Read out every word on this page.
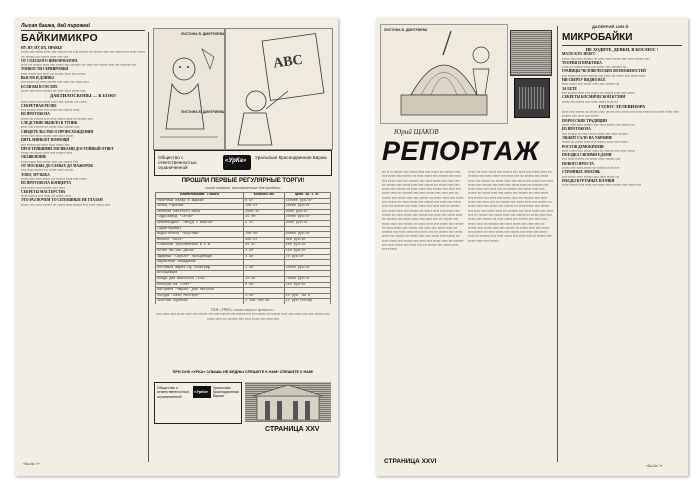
Лысая башка, дай пирожка!
БАЙКИМИКРО
НУ, НУ, НУ, ИХ, НРАВЫ!
▪▪▪▪▪▪ ▪▪▪▪ ▪▪▪▪▪▪ ▪▪▪▪▪ ▪▪▪▪ ▪▪▪▪▪▪▪ ▪▪▪▪ ▪▪▪▪ ▪▪▪▪▪▪▪ ▪▪▪ ▪▪▪▪▪▪▪ ▪▪▪▪ ▪▪▪▪ ▪▪▪▪▪▪ ▪▪▪▪ ▪▪▪▪▪ ▪▪▪▪▪▪ ▪▪▪ ▪▪▪▪▪▪▪ ▪▪▪▪ ▪▪▪▪▪▪ ▪▪▪▪▪ ▪▪▪▪ ▪▪▪▪
ОТ СОБСКОГО ИНФОРМАТОРА
▪▪▪▪▪ ▪▪▪ ▪▪▪▪▪▪▪ ▪▪▪▪▪ ▪▪▪▪ ▪▪▪▪▪▪ ▪▪▪▪ ▪▪▪▪▪▪▪▪ ▪▪▪ ▪▪▪▪▪ ▪▪▪▪ ▪▪▪▪▪▪ ▪▪▪▪▪ ▪▪▪ ▪▪▪▪▪▪▪▪ ▪▪▪▪
ТОНКОСТИ СЕРВИРОВКИ
▪▪▪▪▪ ▪▪▪▪▪▪ ▪▪▪▪ ▪▪▪▪▪ ▪▪▪ ▪▪▪▪▪▪▪ ▪▪▪▪▪ ▪▪▪▪ ▪▪▪▪▪▪
ВЫСОК И ДЛИНЫ
▪▪▪▪ ▪▪▪▪▪▪ ▪▪▪ ▪▪▪▪▪ ▪▪▪▪▪▪▪ ▪▪▪▪ ▪▪▪▪▪ ▪▪▪ ▪▪▪▪▪▪ ▪▪▪▪
ЕСЛИ ВЫ В ГОСТЯХ
▪▪▪▪▪▪ ▪▪▪▪ ▪▪▪▪▪ ▪▪▪▪▪▪▪ ▪▪▪ ▪▪▪▪▪ ▪▪▪▪▪ ▪▪▪▪▪▪ ▪▪▪▪
ДАКТИЛОСКОПЫ — К БОЮ!
▪▪▪▪▪ ▪▪▪▪▪▪ ▪▪▪▪ ▪▪▪▪▪▪ ▪▪▪▪▪ ▪▪▪▪ ▪▪▪▪▪▪▪ ▪▪▪ ▪▪▪▪▪▪
СЕКРЕТНАЯ РЕЛИЗ
▪▪▪▪ ▪▪▪▪▪▪▪ ▪▪▪▪▪ ▪▪▪▪ ▪▪▪▪▪▪ ▪▪▪ ▪▪▪▪▪▪▪ ▪▪▪▪▪
ИЗ ПРОТОКОЛА
▪▪▪▪▪▪ ▪▪▪ ▪▪▪▪▪▪▪ ▪▪▪▪ ▪▪▪▪▪ ▪▪▪▪▪▪ ▪▪▪▪▪ ▪▪▪ ▪▪▪▪▪▪▪ ▪▪▪▪
СЛЕДСТВИЕ ВЫШЛО В ТУПИК
▪▪▪▪▪ ▪▪▪▪ ▪▪▪▪▪▪▪ ▪▪▪ ▪▪▪▪▪▪ ▪▪▪▪▪ ▪▪▪▪▪▪▪ ▪▪▪▪
СВИДЕТЕЛЬСТВО О ПРОИСХОЖДЕНИИ
▪▪▪▪▪▪ ▪▪▪▪ ▪▪▪▪▪ ▪▪▪▪▪▪▪ ▪▪▪▪ ▪▪▪▪▪ ▪▪▪▪▪▪
ПЯТЬ МИНЬЮТ ПОМОЩИ
▪▪▪▪ ▪▪▪▪▪▪▪ ▪▪▪ ▪▪▪▪▪ ▪▪▪▪▪ ▪▪▪▪▪▪ ▪▪▪▪
ПРОСТЕЙШИМИ ЛОГИКАМИ ДОСТОЙНЫЙ ОТВЕТ
▪▪▪▪▪▪ ▪▪▪ ▪▪▪▪▪▪ ▪▪▪▪▪ ▪▪▪▪ ▪▪▪▪▪▪▪ ▪▪▪▪▪
ОБЪЯВЛЕНИЕ
▪▪▪▪▪ ▪▪▪▪▪▪ ▪▪▪▪ ▪▪▪▪▪▪ ▪▪▪▪▪ ▪▪▪ ▪▪▪▪▪▪▪ ▪▪▪▪
ОТ МОСКВЫ ДО САМЫХ ДО МАЖОРОВ
▪▪▪▪ ▪▪▪▪▪ ▪▪▪▪▪▪▪ ▪▪▪ ▪▪▪▪▪▪ ▪▪▪▪▪ ▪▪▪▪▪▪▪
ТОВО, МУЗЫКА
▪▪▪▪▪▪ ▪▪▪▪ ▪▪▪▪▪ ▪▪▪▪▪▪ ▪▪▪ ▪▪▪▪▪▪▪ ▪▪▪▪▪ ▪▪▪▪ ▪▪▪▪▪▪
ИЗ ПРОТОКОЛА КОНЦЕРТА
▪▪▪▪ ▪▪▪▪▪▪ ▪▪▪▪▪ ▪▪▪▪▪▪▪ ▪▪▪▪ ▪▪▪▪▪
СЕКРЕТЫ МАСТЕРСТВА
▪▪▪▪▪ ▪▪▪▪▪▪▪ ▪▪▪▪ ▪▪▪▪▪ ▪▪▪ ▪▪▪▪▪▪ ▪▪▪▪▪
ЭТО РАЗ ПОЧЕМ ТО СПЛОШНЫЕ НЕ ГЛАЗАМ
▪▪▪▪▪▪ ▪▪▪▪ ▪▪▪▪▪ ▪▪▪▪▪▪▪ ▪▪▪ ▪▪▪▪▪▪ ▪▪▪▪▪ ▪▪▪▪▪▪▪ ▪▪▪▪ ▪▪▪▪▪ ▪▪▪▪▪▪ ▪▪▪▪
ЛИСТИНА В. ДМИТРИЕВА
ABC
ЛИСТИНА В. ДМИТРИЕВА
Общество с ответственностью ограниченной
«УрКа»
Уральская Краснодвинная Биржа
ПРОШЛИ ПЕРВЫЕ РЕГУЛЯРНЫЕ ТОРГИ!
сизые главное, выставленные для продажи:
НАИМЕНОВАНИЕ ТОВАРА	КОЛИЧЕСТВО	ЦЕНА ЗА 1 КГ
Ракетный сахар в ящиках	8 кг	150000 руб/кг
Зельц горелый	100 кг	18500 руб/кг
Зелёная светлого мяса	1000 кг	3000 руб/кг
Гидрозавод "Сегом"	15 пн	10000 руб/кг
Пейпельфикс "Лесуд с анатой"	2 кг	3000 руб/кг
(адаптерами)		
Водосточное "Кругляш"	100 пп	50000 руб/кг
Молоко "ОБУХ"	400 кг	300 руб/кг
Стальные трёхлапники в 5 м	50 кг	100 руб/кг
Котёл МЮ ЗАО ДХОЗЫ	2 шт	150 руб/кг
Эфирный "Скролл" пальцевидн	3 шт	70 руб/кг
Карнизные лошадиные		
Поставка Шарик-Оф Полиграф	1 шт	15000 руб/кг
Ассоциаций		
Бонды для вычиткой ТЕЧЕТ	10 шт	76000 руб/кг
Консулы КЖ "Снег"	5 шт	150 руб/кг
Кастрюля "Мария" для пигулки		
Посуда "Пазл Монтеро"	1 шт	10 руб. 86 к
Золотые курения	1 200 000 шт	14 руб/гектар

СКЖ «УРКА» слышь вопросы промысла...
▪▪▪▪ ▪▪▪▪▪▪ ▪▪▪▪ ▪▪▪▪▪▪ ▪▪▪▪▪ ▪▪▪▪ ▪▪▪▪▪▪▪ ▪▪▪▪ ▪▪▪▪▪ ▪▪▪▪▪▪ ▪▪▪▪ ▪▪▪▪▪▪▪ ▪▪▪▪ ▪▪▪▪ ▪▪▪▪▪▪ ▪▪▪ ▪▪▪▪▪▪▪ ▪▪▪▪▪ ▪▪▪▪ ▪▪▪▪▪▪ ▪▪▪▪ ▪▪▪▪ ▪▪▪▪▪▪▪ ▪▪▪▪ ▪▪▪▪▪▪ ▪▪▪▪▪ ▪▪▪ ▪▪▪▪▪▪▪▪ ▪▪▪▪ ▪▪▪▪▪ ▪▪▪▪▪▪ ▪▪▪▪ ▪▪▪▪▪ ▪▪▪▪
ПРИ СКЖ «УРКА» СЛЫШЬ НЕ БЕДНЫ СПЕШИТЕ К НАМ! СПЕШИТЕ К НАМ!
Общество с ответственностью ограниченной
«УрКа»
Уральская Краснодвинная Биржа
СТРАНИЦА XXV
«Ба-ба ?»
ЛИСТИНА В. ДМИТРИЕВА
Юрий ЩАКОВ
РЕПОРТАЖ
▪▪▪ ▪▪ ▪▪ ▪▪▪▪▪▪▪ ▪▪▪▪ ▪▪▪▪▪▪ ▪▪▪▪▪ ▪▪▪▪ ▪▪▪▪▪▪ ▪▪▪ ▪▪▪▪▪▪▪ ▪▪▪▪▪ ▪▪▪▪ ▪▪▪▪▪▪ ▪▪▪▪ ▪▪▪▪▪▪▪ ▪▪▪ ▪▪▪▪▪ ▪▪▪▪▪▪ ▪▪▪▪ ▪▪▪▪▪▪▪ ▪▪▪▪ ▪▪▪▪▪ ▪▪▪▪ ▪▪▪▪▪▪ ▪▪▪▪▪ ▪▪▪ ▪▪▪▪▪▪▪▪ ▪▪▪▪ ▪▪▪▪▪ ▪▪▪▪▪▪ ▪▪▪▪ ▪▪▪▪▪ ▪▪▪▪ ▪▪▪ ▪▪▪▪▪▪▪ ▪▪▪▪ ▪▪▪▪▪▪ ▪▪▪▪▪ ▪▪▪▪ ▪▪▪▪▪▪▪ ▪▪▪ ▪▪▪▪▪▪ ▪▪▪▪▪ ▪▪▪▪ ▪▪▪▪▪▪ ▪▪▪▪ ▪▪▪▪▪▪▪ ▪▪▪ ▪▪▪▪▪ ▪▪▪▪▪▪ ▪▪▪▪ ▪▪▪▪▪▪▪ ▪▪▪▪ ▪▪▪▪▪ ▪▪▪▪ ▪▪▪▪▪▪ ▪▪▪▪▪ ▪▪▪ ▪▪▪▪▪▪▪▪ ▪▪▪▪ ▪▪▪▪▪ ▪▪▪▪▪▪ ▪▪▪▪ ▪▪▪▪▪ ▪▪▪▪ ▪▪▪ ▪▪▪▪▪▪▪ ▪▪▪▪ ▪▪▪▪▪▪ ▪▪▪▪▪ ▪▪▪▪ ▪▪▪▪▪▪▪ ▪▪▪ ▪▪▪▪▪▪ ▪▪▪▪▪ ▪▪▪▪ ▪▪▪▪▪▪ ▪▪▪▪ ▪▪▪▪▪▪▪ ▪▪▪ ▪▪▪▪▪ ▪▪▪▪▪▪ ▪▪▪▪ ▪▪▪▪▪▪▪ ▪▪▪▪ ▪▪▪▪▪ ▪▪▪▪ ▪▪▪▪▪▪ ▪▪▪▪▪ ▪▪▪ ▪▪▪▪▪▪▪▪ ▪▪▪▪ ▪▪▪▪▪ ▪▪▪▪▪▪ ▪▪▪▪ ▪▪▪▪▪ ▪▪▪▪ ▪▪▪ ▪▪▪▪▪▪▪ ▪▪▪▪ ▪▪▪▪▪▪ ▪▪▪▪▪ ▪▪▪▪ ▪▪▪▪▪▪▪ ▪▪▪ ▪▪▪▪▪▪ ▪▪▪▪▪ ▪▪▪▪ ▪▪▪▪▪▪ ▪▪▪▪ ▪▪▪▪▪▪▪ ▪▪▪ ▪▪▪▪▪ ▪▪▪▪▪▪ ▪▪▪▪ ▪▪▪▪▪▪▪ ▪▪▪▪ ▪▪▪▪▪ ▪▪▪▪ ▪▪▪▪▪▪ ▪▪▪▪▪ ▪▪▪ ▪▪▪▪▪▪▪▪ ▪▪▪▪ ▪▪▪▪▪ ▪▪▪▪▪▪ ▪▪▪▪ ▪▪▪▪▪ ▪▪▪▪ ▪▪▪ ▪▪▪▪▪▪▪ ▪▪▪▪ ▪▪▪▪▪▪ ▪▪▪▪▪ ▪▪▪▪ ▪▪▪▪▪▪▪ ▪▪▪ ▪▪▪▪▪▪ ▪▪▪▪▪ ▪▪▪▪ ▪▪▪▪▪▪ ▪▪▪▪ ▪▪▪▪▪▪▪ ▪▪▪ ▪▪▪▪▪ ▪▪▪▪▪▪ ▪▪▪▪ ▪▪▪▪▪▪▪ ▪▪▪▪ ▪▪▪▪▪ ▪▪▪▪ ▪▪▪▪▪▪ ▪▪▪▪▪ ▪▪▪ ▪▪▪▪▪▪▪▪ ▪▪▪▪ ▪▪▪▪▪ ▪▪▪▪▪▪ ▪▪▪▪ ▪▪▪▪▪ ▪▪▪▪ ▪▪▪ ▪▪▪▪▪▪▪ ▪▪▪▪ ▪▪▪▪▪▪ ▪▪▪▪▪ ▪▪▪▪ ▪▪▪▪▪▪▪ ▪▪▪ ▪▪▪▪▪▪ ▪▪▪▪▪ ▪▪▪▪ ▪▪▪▪▪▪ ▪▪▪▪ ▪▪▪▪▪▪▪ ▪▪▪ ▪▪▪▪▪ ▪▪▪▪▪▪ ▪▪▪▪ ▪▪▪▪▪▪▪ ▪▪▪▪ ▪▪▪▪▪ ▪▪▪▪ ▪▪▪▪▪▪ ▪▪▪▪▪ ▪▪▪ ▪▪▪▪▪▪▪▪ ▪▪▪▪ ▪▪▪▪▪ ▪▪▪▪▪▪ ▪▪▪▪ ▪▪▪▪▪ ▪▪▪▪ ▪▪▪ ▪▪▪▪▪▪▪ ▪▪▪▪ ▪▪▪▪▪▪ ▪▪▪▪▪ ▪▪▪▪ ▪▪▪▪▪▪▪
▪▪▪▪▪▪ ▪▪▪ ▪▪▪▪▪ ▪▪▪▪▪▪ ▪▪▪▪ ▪▪▪▪▪▪▪ ▪▪▪▪ ▪▪▪▪▪ ▪▪▪▪ ▪▪▪▪▪▪ ▪▪▪▪▪ ▪▪▪ ▪▪▪▪▪▪▪▪ ▪▪▪▪ ▪▪▪▪▪ ▪▪▪▪▪▪ ▪▪▪▪ ▪▪▪▪▪ ▪▪▪▪ ▪▪▪ ▪▪▪▪▪▪▪ ▪▪▪▪ ▪▪▪▪▪▪ ▪▪▪▪▪ ▪▪▪▪ ▪▪▪▪▪▪▪ ▪▪▪ ▪▪▪▪▪▪ ▪▪▪▪▪ ▪▪▪▪ ▪▪▪▪▪▪ ▪▪▪▪ ▪▪▪▪▪▪▪ ▪▪▪ ▪▪▪▪▪ ▪▪▪▪▪▪ ▪▪▪▪ ▪▪▪▪▪▪▪ ▪▪▪▪ ▪▪▪▪▪ ▪▪▪▪ ▪▪▪▪▪▪ ▪▪▪▪▪ ▪▪▪ ▪▪▪▪▪▪▪▪ ▪▪▪▪ ▪▪▪▪▪ ▪▪▪▪▪▪ ▪▪▪▪ ▪▪▪▪▪ ▪▪▪▪ ▪▪▪ ▪▪▪▪▪▪▪ ▪▪▪▪ ▪▪▪▪▪▪ ▪▪▪▪▪ ▪▪▪▪ ▪▪▪▪▪▪▪ ▪▪▪ ▪▪▪▪▪▪ ▪▪▪▪▪ ▪▪▪▪ ▪▪▪▪▪▪ ▪▪▪▪ ▪▪▪▪▪▪▪ ▪▪▪ ▪▪▪▪▪ ▪▪▪▪▪▪ ▪▪▪▪ ▪▪▪▪▪▪▪ ▪▪▪▪ ▪▪▪▪▪ ▪▪▪▪ ▪▪▪▪▪▪ ▪▪▪▪▪ ▪▪▪ ▪▪▪▪▪▪▪▪ ▪▪▪▪ ▪▪▪▪▪ ▪▪▪▪▪▪ ▪▪▪▪ ▪▪▪▪▪ ▪▪▪▪ ▪▪▪ ▪▪▪▪▪▪▪ ▪▪▪▪ ▪▪▪▪▪▪ ▪▪▪▪▪ ▪▪▪▪ ▪▪▪▪▪▪▪ ▪▪▪ ▪▪▪▪▪▪ ▪▪▪▪▪ ▪▪▪▪ ▪▪▪▪▪▪ ▪▪▪▪ ▪▪▪▪▪▪▪ ▪▪▪ ▪▪▪▪▪ ▪▪▪▪▪▪ ▪▪▪▪ ▪▪▪▪▪▪▪ ▪▪▪▪ ▪▪▪▪▪ ▪▪▪▪ ▪▪▪▪▪▪ ▪▪▪▪▪ ▪▪▪ ▪▪▪▪▪▪▪▪ ▪▪▪▪ ▪▪▪▪▪ ▪▪▪▪▪▪ ▪▪▪▪ ▪▪▪▪▪ ▪▪▪▪ ▪▪▪ ▪▪▪▪▪▪▪ ▪▪▪▪ ▪▪▪▪▪▪ ▪▪▪▪▪ ▪▪▪▪ ▪▪▪▪▪▪▪ ▪▪▪ ▪▪▪▪▪▪ ▪▪▪▪▪ ▪▪▪▪ ▪▪▪▪▪▪ ▪▪▪▪ ▪▪▪▪▪▪▪ ▪▪▪ ▪▪▪▪▪ ▪▪▪▪▪▪ ▪▪▪▪ ▪▪▪▪▪▪▪ ▪▪▪▪ ▪▪▪▪▪ ▪▪▪▪ ▪▪▪▪▪▪ ▪▪▪▪▪ ▪▪▪ ▪▪▪▪▪▪▪▪ ▪▪▪▪ ▪▪▪▪▪ ▪▪▪▪▪▪ ▪▪▪▪ ▪▪▪▪▪ ▪▪▪▪ ▪▪▪ ▪▪▪▪▪▪▪ ▪▪▪▪ ▪▪▪▪▪▪ ▪▪▪▪▪ ▪▪▪▪ ▪▪▪▪▪▪▪ ▪▪▪ ▪▪▪▪▪▪ ▪▪▪▪▪ ▪▪▪▪ ▪▪▪▪▪▪ ▪▪▪▪ ▪▪▪▪▪▪▪ ▪▪▪ ▪▪▪▪▪ ▪▪▪▪▪▪ ▪▪▪▪ ▪▪▪▪▪▪▪ ▪▪▪▪ ▪▪▪▪▪ ▪▪▪▪ ▪▪▪▪▪▪ ▪▪▪▪▪ ▪▪▪ ▪▪▪▪▪▪▪▪ ▪▪▪▪ ▪▪▪▪▪ ▪▪▪▪▪▪ ▪▪▪▪ ▪▪▪▪▪ ▪▪▪▪ ▪▪▪ ▪▪▪▪▪▪▪ ▪▪▪▪ ▪▪▪▪▪▪ ▪▪▪▪▪ ▪▪▪▪ ▪▪▪▪▪▪▪
ДАЛЕЕРИЙ 1999 Й
МИКРОБАЙКИ
НЕ ХОДИТЕ, ДЕВКИ, В КОСМОС !
МАЛО КТО ЗНАЕТ
▪▪▪▪▪▪ ▪▪▪▪ ▪▪▪▪▪ ▪▪▪▪▪▪▪ ▪▪▪ ▪▪▪▪▪ ▪▪▪▪▪ ▪▪▪▪▪▪ ▪▪▪▪ ▪▪▪▪▪ ▪▪▪▪▪▪▪ ▪▪▪▪
ТЕОРИЯ И ПРАКТИКА
▪▪▪▪▪ ▪▪▪ ▪▪▪▪▪▪▪ ▪▪▪▪▪ ▪▪▪▪ ▪▪▪▪▪▪ ▪▪▪▪ ▪▪▪▪▪▪▪▪ ▪▪▪
ГРАНИЦЫ ЧЕЛОВЕЧЕСКИХ ВОЗМОЖНОСТЕЙ
▪▪▪▪ ▪▪▪▪▪▪ ▪▪▪ ▪▪▪▪▪ ▪▪▪▪▪▪▪ ▪▪▪▪ ▪▪▪▪▪ ▪▪▪ ▪▪▪▪▪▪ ▪▪▪▪ ▪▪▪▪▪ ▪▪▪▪▪▪
НИ СВЕРХУ ВИДНО ВСЁ
▪▪▪▪▪ ▪▪▪▪▪▪ ▪▪▪▪ ▪▪▪▪▪▪ ▪▪▪▪▪ ▪▪▪▪ ▪▪▪▪▪▪▪ ▪▪▪
ЗА БЕТЕ
▪▪▪▪ ▪▪▪▪▪▪▪ ▪▪▪▪▪ ▪▪▪▪ ▪▪▪▪▪▪ ▪▪▪ ▪▪▪▪▪▪▪ ▪▪▪▪▪ ▪▪▪▪ ▪▪▪▪▪▪
СЕКРЕТЫ КОСМИЧЕСКОЙ КУХНИ
▪▪▪▪▪▪ ▪▪▪ ▪▪▪▪▪▪▪ ▪▪▪▪ ▪▪▪▪▪ ▪▪▪▪▪▪ ▪▪▪▪▪ ▪▪▪
ГОЛОС ТЕЛЕВИЗОРА
▪▪▪▪▪ ▪▪▪▪ ▪▪▪▪▪▪▪ ▪▪▪ ▪▪▪▪▪▪ ▪▪▪▪▪ ▪▪▪▪▪▪▪ ▪▪▪▪ ▪▪▪▪▪▪ ▪▪▪▪ ▪▪▪▪▪ ▪▪▪▪▪▪▪ ▪▪▪ ▪▪▪▪▪ ▪▪▪▪▪▪ ▪▪▪▪ ▪▪▪▪▪▪▪ ▪▪▪▪ ▪▪▪▪▪ ▪▪▪▪ ▪▪▪▪▪▪
ПОРОССКИЕ ТРАДИЦИИ
▪▪▪▪▪▪ ▪▪▪▪ ▪▪▪▪▪ ▪▪▪▪▪▪▪ ▪▪▪▪ ▪▪▪▪▪ ▪▪▪▪▪▪ ▪▪▪▪ ▪▪▪▪▪▪▪ ▪▪▪
ИЗ ПРОТОКОЛА
▪▪▪▪ ▪▪▪▪▪▪▪ ▪▪▪ ▪▪▪▪▪ ▪▪▪▪▪ ▪▪▪▪▪▪ ▪▪▪▪ ▪▪▪▪▪ ▪▪▪▪▪▪▪
ЛЮБИТ САЛО НА УКРАИНЕ
▪▪▪▪▪▪ ▪▪▪ ▪▪▪▪▪▪ ▪▪▪▪▪ ▪▪▪▪ ▪▪▪▪▪▪▪ ▪▪▪▪▪ ▪▪▪▪ ▪▪▪▪▪▪
РОСТОВ ДЕМОКРАТИИ
▪▪▪▪▪ ▪▪▪▪▪▪ ▪▪▪▪ ▪▪▪▪▪▪ ▪▪▪▪▪ ▪▪▪ ▪▪▪▪▪▪▪ ▪▪▪▪ ▪▪▪▪▪ ▪▪▪▪▪▪
ПОЕЗДКА СВОИМИ ЕДАМИ
▪▪▪▪ ▪▪▪▪▪ ▪▪▪▪▪▪▪ ▪▪▪ ▪▪▪▪▪▪ ▪▪▪▪▪ ▪▪▪▪▪▪▪ ▪▪▪▪
НОВОГО ПРОСТА
▪▪▪▪▪▪ ▪▪▪▪ ▪▪▪▪▪ ▪▪▪▪▪▪ ▪▪▪ ▪▪▪▪▪▪▪ ▪▪▪▪▪ ▪▪▪▪
СТРАННЫЕ ЛЮБОВЬ
▪▪▪▪ ▪▪▪▪▪▪ ▪▪▪▪▪ ▪▪▪▪▪▪▪ ▪▪▪▪ ▪▪▪▪▪ ▪▪▪▪▪▪ ▪▪▪
НАЕДЫ КУРТАНЫХ ПЛАЧКИ
▪▪▪▪▪ ▪▪▪▪▪▪▪ ▪▪▪▪ ▪▪▪▪▪ ▪▪▪ ▪▪▪▪▪▪ ▪▪▪▪▪ ▪▪▪▪▪▪▪ ▪▪▪▪ ▪▪▪▪▪ ▪▪▪▪
СТРАНИЦА XXVI
«Ба-ба ?»
